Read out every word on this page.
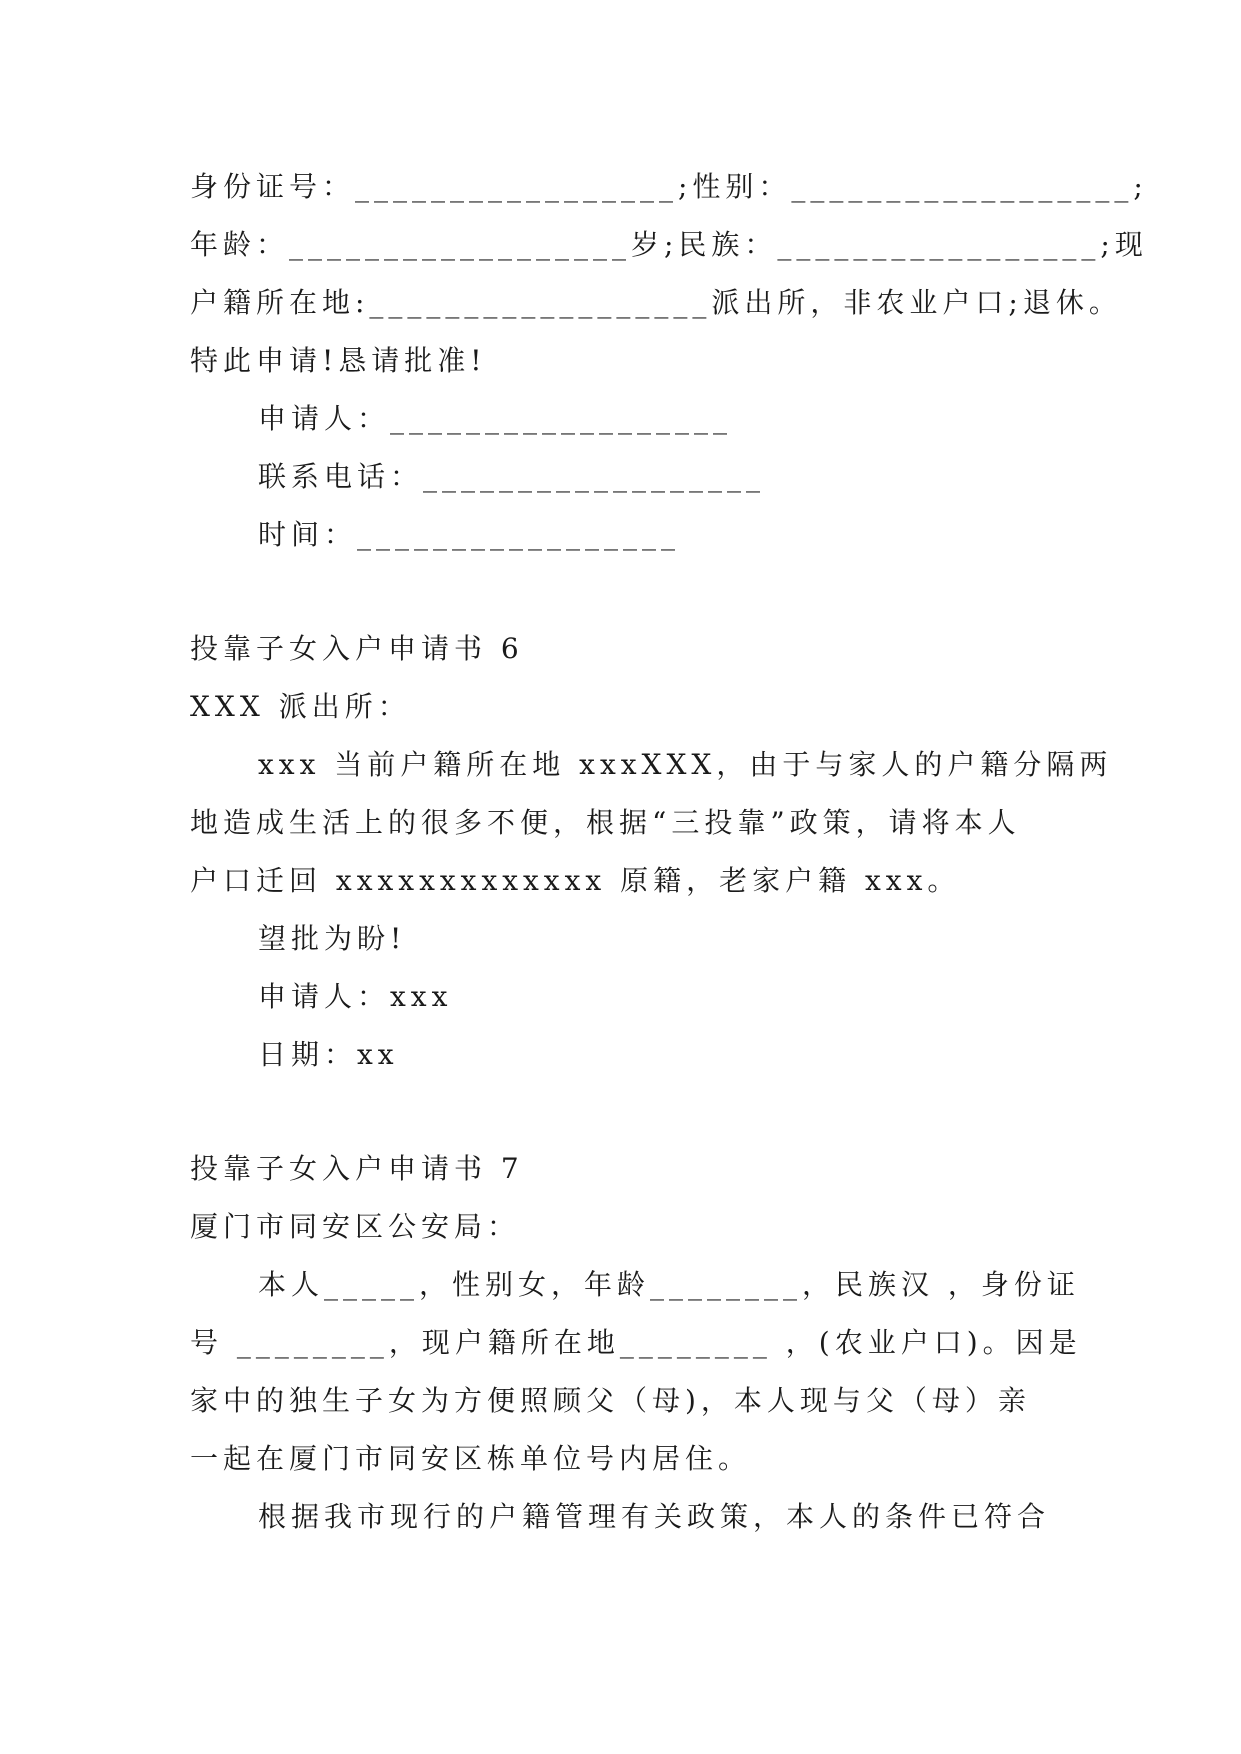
身份证号：_________________;性别：__________________;
年龄：__________________岁;民族：_________________;现
户籍所在地:__________________派出所，非农业户口;退休。
特此申请!恳请批准!
申请人：__________________
联系电话：__________________
时间：_________________
投靠子女入户申请书 6
XXX 派出所：
xxx 当前户籍所在地 xxxXXX，由于与家人的户籍分隔两
地造成生活上的很多不便，根据“三投靠”政策，请将本人
户口迁回 xxxxxxxxxxxxx 原籍，老家户籍 xxx。
望批为盼!
申请人：xxx
日期：xx
投靠子女入户申请书 7
厦门市同安区公安局：
本人_____，性别女，年龄________，民族汉 ，身份证
号 ________，现户籍所在地________ ，(农业户口)。因是
家中的独生子女为方便照顾父（母)，本人现与父（母）亲
一起在厦门市同安区栋单位号内居住。
根据我市现行的户籍管理有关政策，本人的条件已符合
